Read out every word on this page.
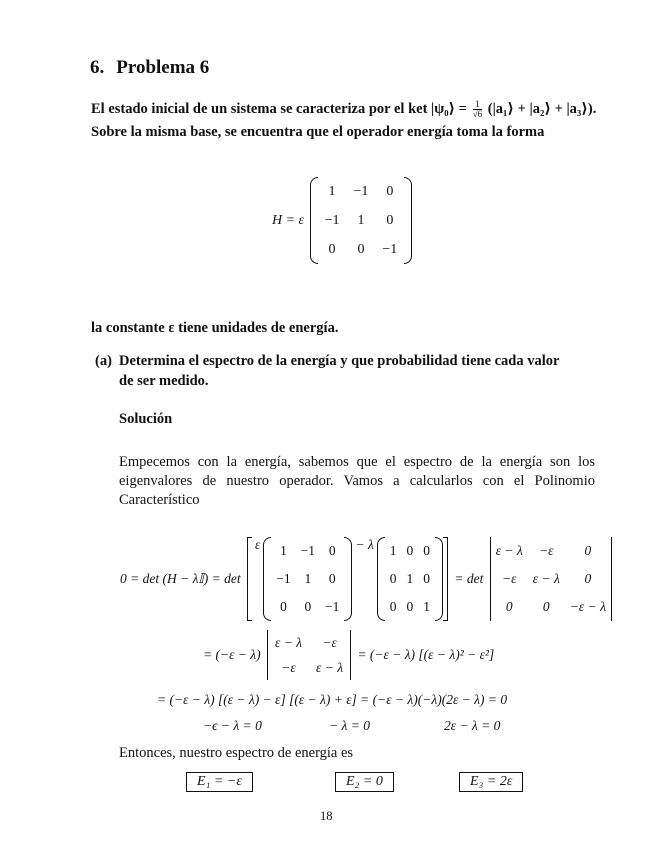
6. Problema 6
El estado inicial de un sistema se caracteriza por el ket |ψ₀⟩ = $\frac{1}{√6}$ (|a₁⟩ + |a₂⟩ + |a₃⟩).
Sobre la misma base, se encuentra que el operador energía toma la forma
H = ε
1	−1	0
−1	1	0
0	0	−1
la constante ε tiene unidades de energía.
(a) Determina el espectro de la energía y que probabilidad tiene cada valor
de ser medido.
Solución
Empecemos con la energía, sabemos que el espectro de la energía son los eigenvalores de nuestro operador. Vamos a calcularlos con el Polinomio Característico
0 = det (H − λ𝕀) = det
ε 1	−1	0
−1	1	0
0	0	−1
− λ 1	0	0
0	1	0
0	0	1
= det
ε − λ	−ε	0
−ε	ε − λ	0
0	0	−ε − λ
= (−ε − λ)
ε − λ	−ε
−ε	ε − λ
= (−ε − λ) [(ε − λ)² − ε²]
= (−ε − λ) [(ε − λ) − ε] [(ε − λ) + ε] = (−ε − λ)(−λ)(2ε − λ) = 0
−ϵ − λ = 0	− λ = 0	2ε − λ = 0
Entonces, nuestro espectro de energía es
E₁ = −ε	E₂ = 0	E₃ = 2ε
18
